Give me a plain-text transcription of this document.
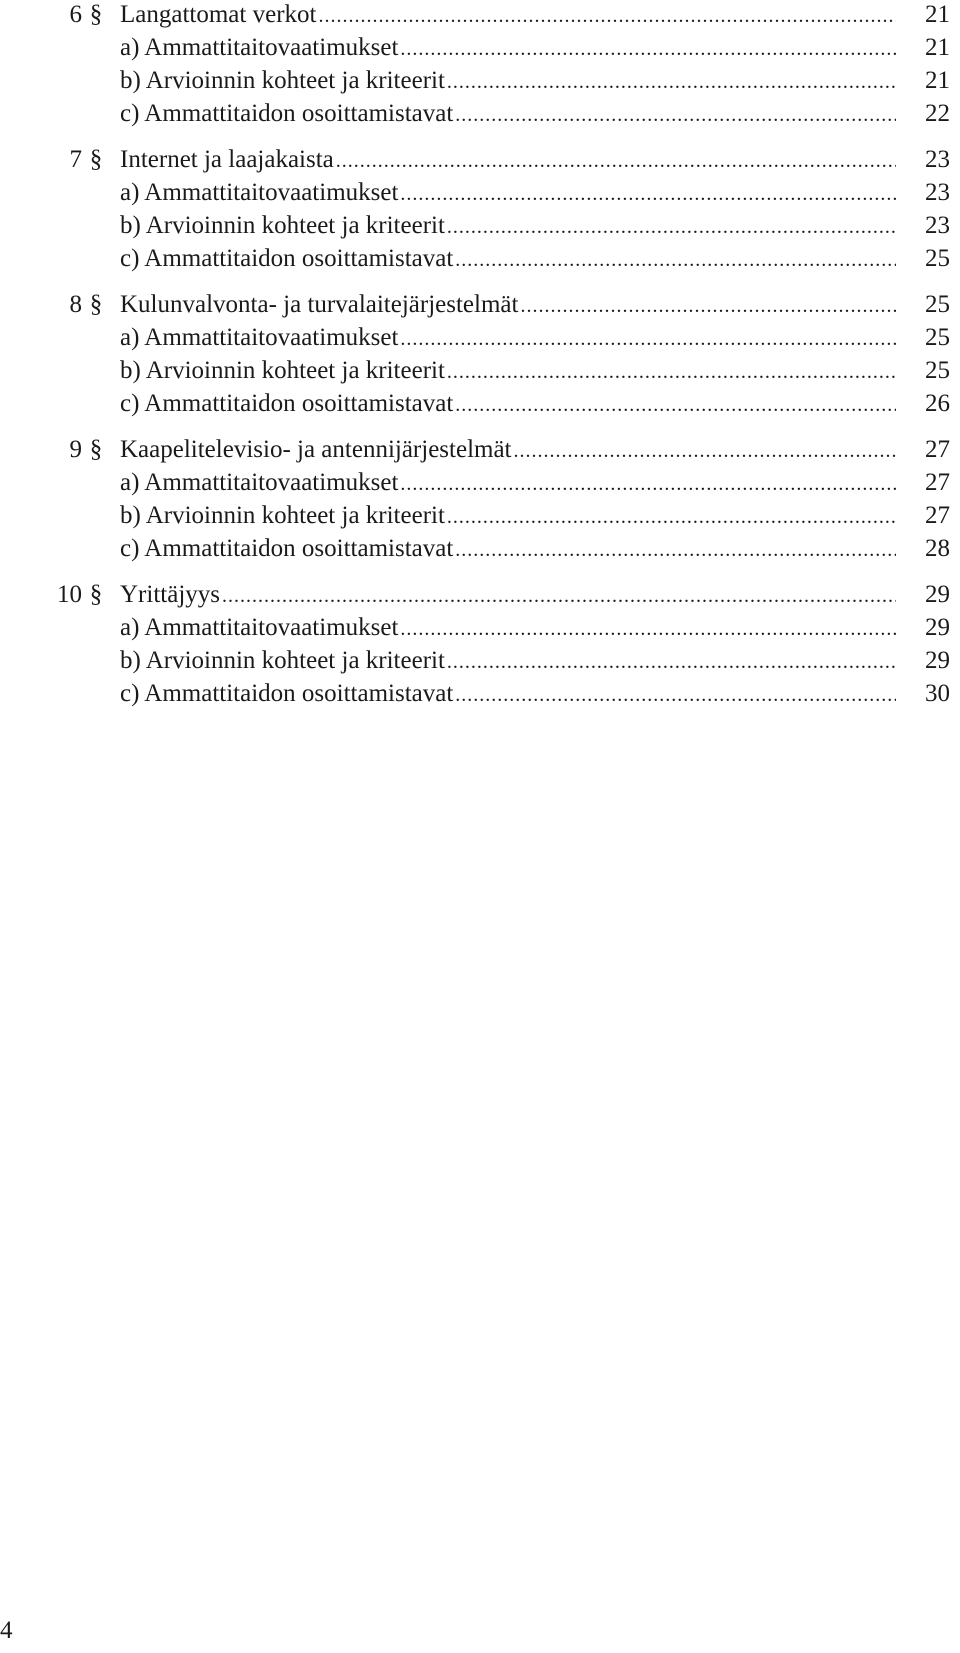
6 § Langattomat verkot .....	21
a) Ammattitaitovaatimukset .....	21
b) Arvioinnin kohteet ja kriteerit .....	21
c) Ammattitaidon osoittamistavat .....	22
7 § Internet ja laajakaista .....	23
a) Ammattitaitovaatimukset .....	23
b) Arvioinnin kohteet ja kriteerit .....	23
c) Ammattitaidon osoittamistavat .....	25
8 § Kulunvalvonta- ja turvalaitejärjestelmät .....	25
a) Ammattitaitovaatimukset .....	25
b) Arvioinnin kohteet ja kriteerit .....	25
c) Ammattitaidon osoittamistavat .....	26
9 § Kaapelitelevisio- ja antennijärjestelmät .....	27
a) Ammattitaitovaatimukset .....	27
b) Arvioinnin kohteet ja kriteerit .....	27
c) Ammattitaidon osoittamistavat .....	28
10 § Yrittäjyys .....	29
a) Ammattitaitovaatimukset .....	29
b) Arvioinnin kohteet ja kriteerit .....	29
c) Ammattitaidon osoittamistavat .....	30
4
